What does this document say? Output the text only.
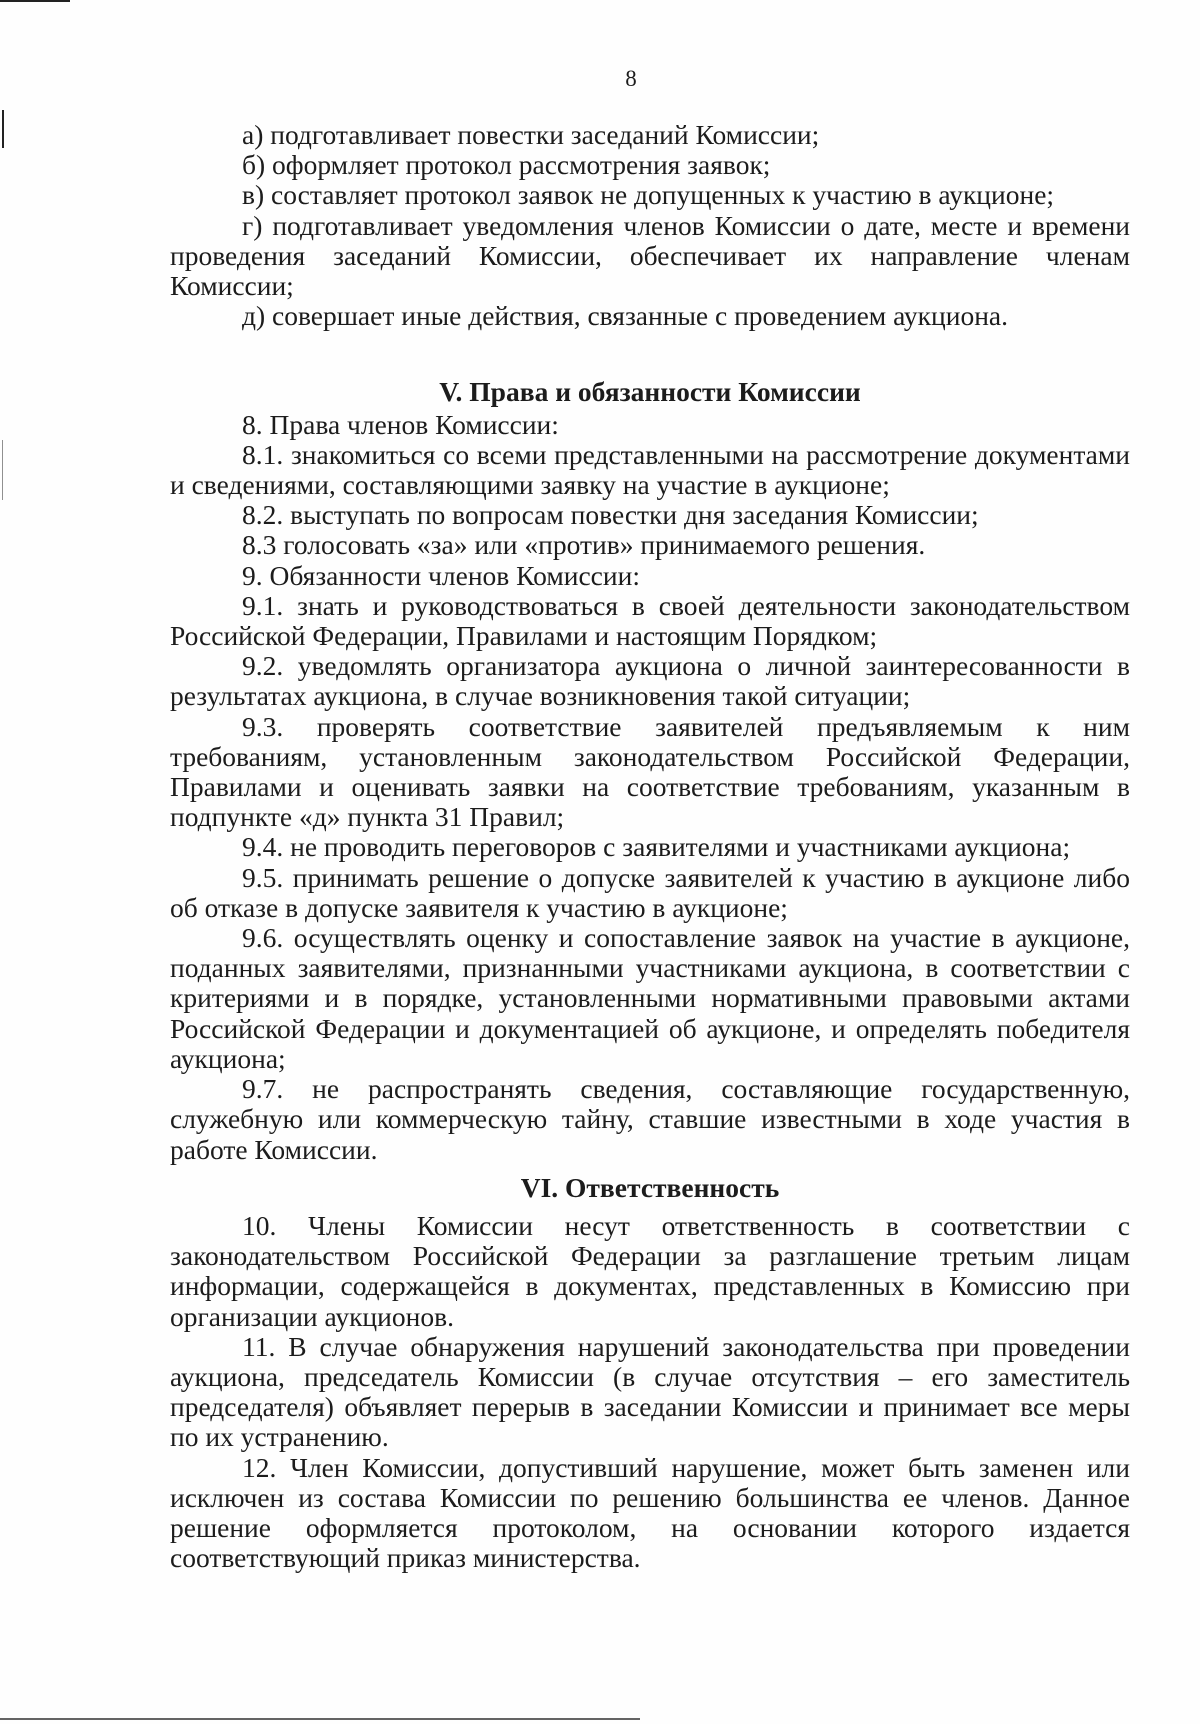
8

а) подготавливает повестки заседаний Комиссии;

б) оформляет протокол рассмотрения заявок;

в) составляет протокол заявок не допущенных к участию в аукционе;

г) подготавливает уведомления членов Комиссии о дате, месте и времени проведения заседаний Комиссии, обеспечивает их направление членам Комиссии;

д) совершает иные действия, связанные с проведением аукциона.

V. Права и обязанности Комиссии

8. Права членов Комиссии:

8.1. знакомиться со всеми представленными на рассмотрение документами и сведениями, составляющими заявку на участие в аукционе;

8.2. выступать по вопросам повестки дня заседания Комиссии;

8.3 голосовать «за» или «против» принимаемого решения.

9. Обязанности членов Комиссии:

9.1. знать и руководствоваться в своей деятельности законодательством Российской Федерации, Правилами и настоящим Порядком;

9.2. уведомлять организатора аукциона о личной заинтересованности в результатах аукциона, в случае возникновения такой ситуации;

9.3. проверять соответствие заявителей предъявляемым к ним требованиям, установленным законодательством Российской Федерации, Правилами и оценивать заявки на соответствие требованиям, указанным в подпункте «д» пункта 31 Правил;

9.4. не проводить переговоров с заявителями и участниками аукциона;

9.5. принимать решение о допуске заявителей к участию в аукционе либо об отказе в допуске заявителя к участию в аукционе;

9.6. осуществлять оценку и сопоставление заявок на участие в аукционе, поданных заявителями, признанными участниками аукциона, в соответствии с критериями и в порядке, установленными нормативными правовыми актами Российской Федерации и документацией об аукционе, и определять победителя аукциона;

9.7. не распространять сведения, составляющие государственную, служебную или коммерческую тайну, ставшие известными в ходе участия в работе Комиссии.

VI. Ответственность

10. Члены Комиссии несут ответственность в соответствии с законодательством Российской Федерации за разглашение третьим лицам информации, содержащейся в документах, представленных в Комиссию при организации аукционов.

11. В случае обнаружения нарушений законодательства при проведении аукциона, председатель Комиссии (в случае отсутствия – его заместитель председателя) объявляет перерыв в заседании Комиссии и принимает все меры по их устранению.

12. Член Комиссии, допустивший нарушение, может быть заменен или исключен из состава Комиссии по решению большинства ее членов. Данное решение оформляется протоколом, на основании которого издается соответствующий приказ министерства.
